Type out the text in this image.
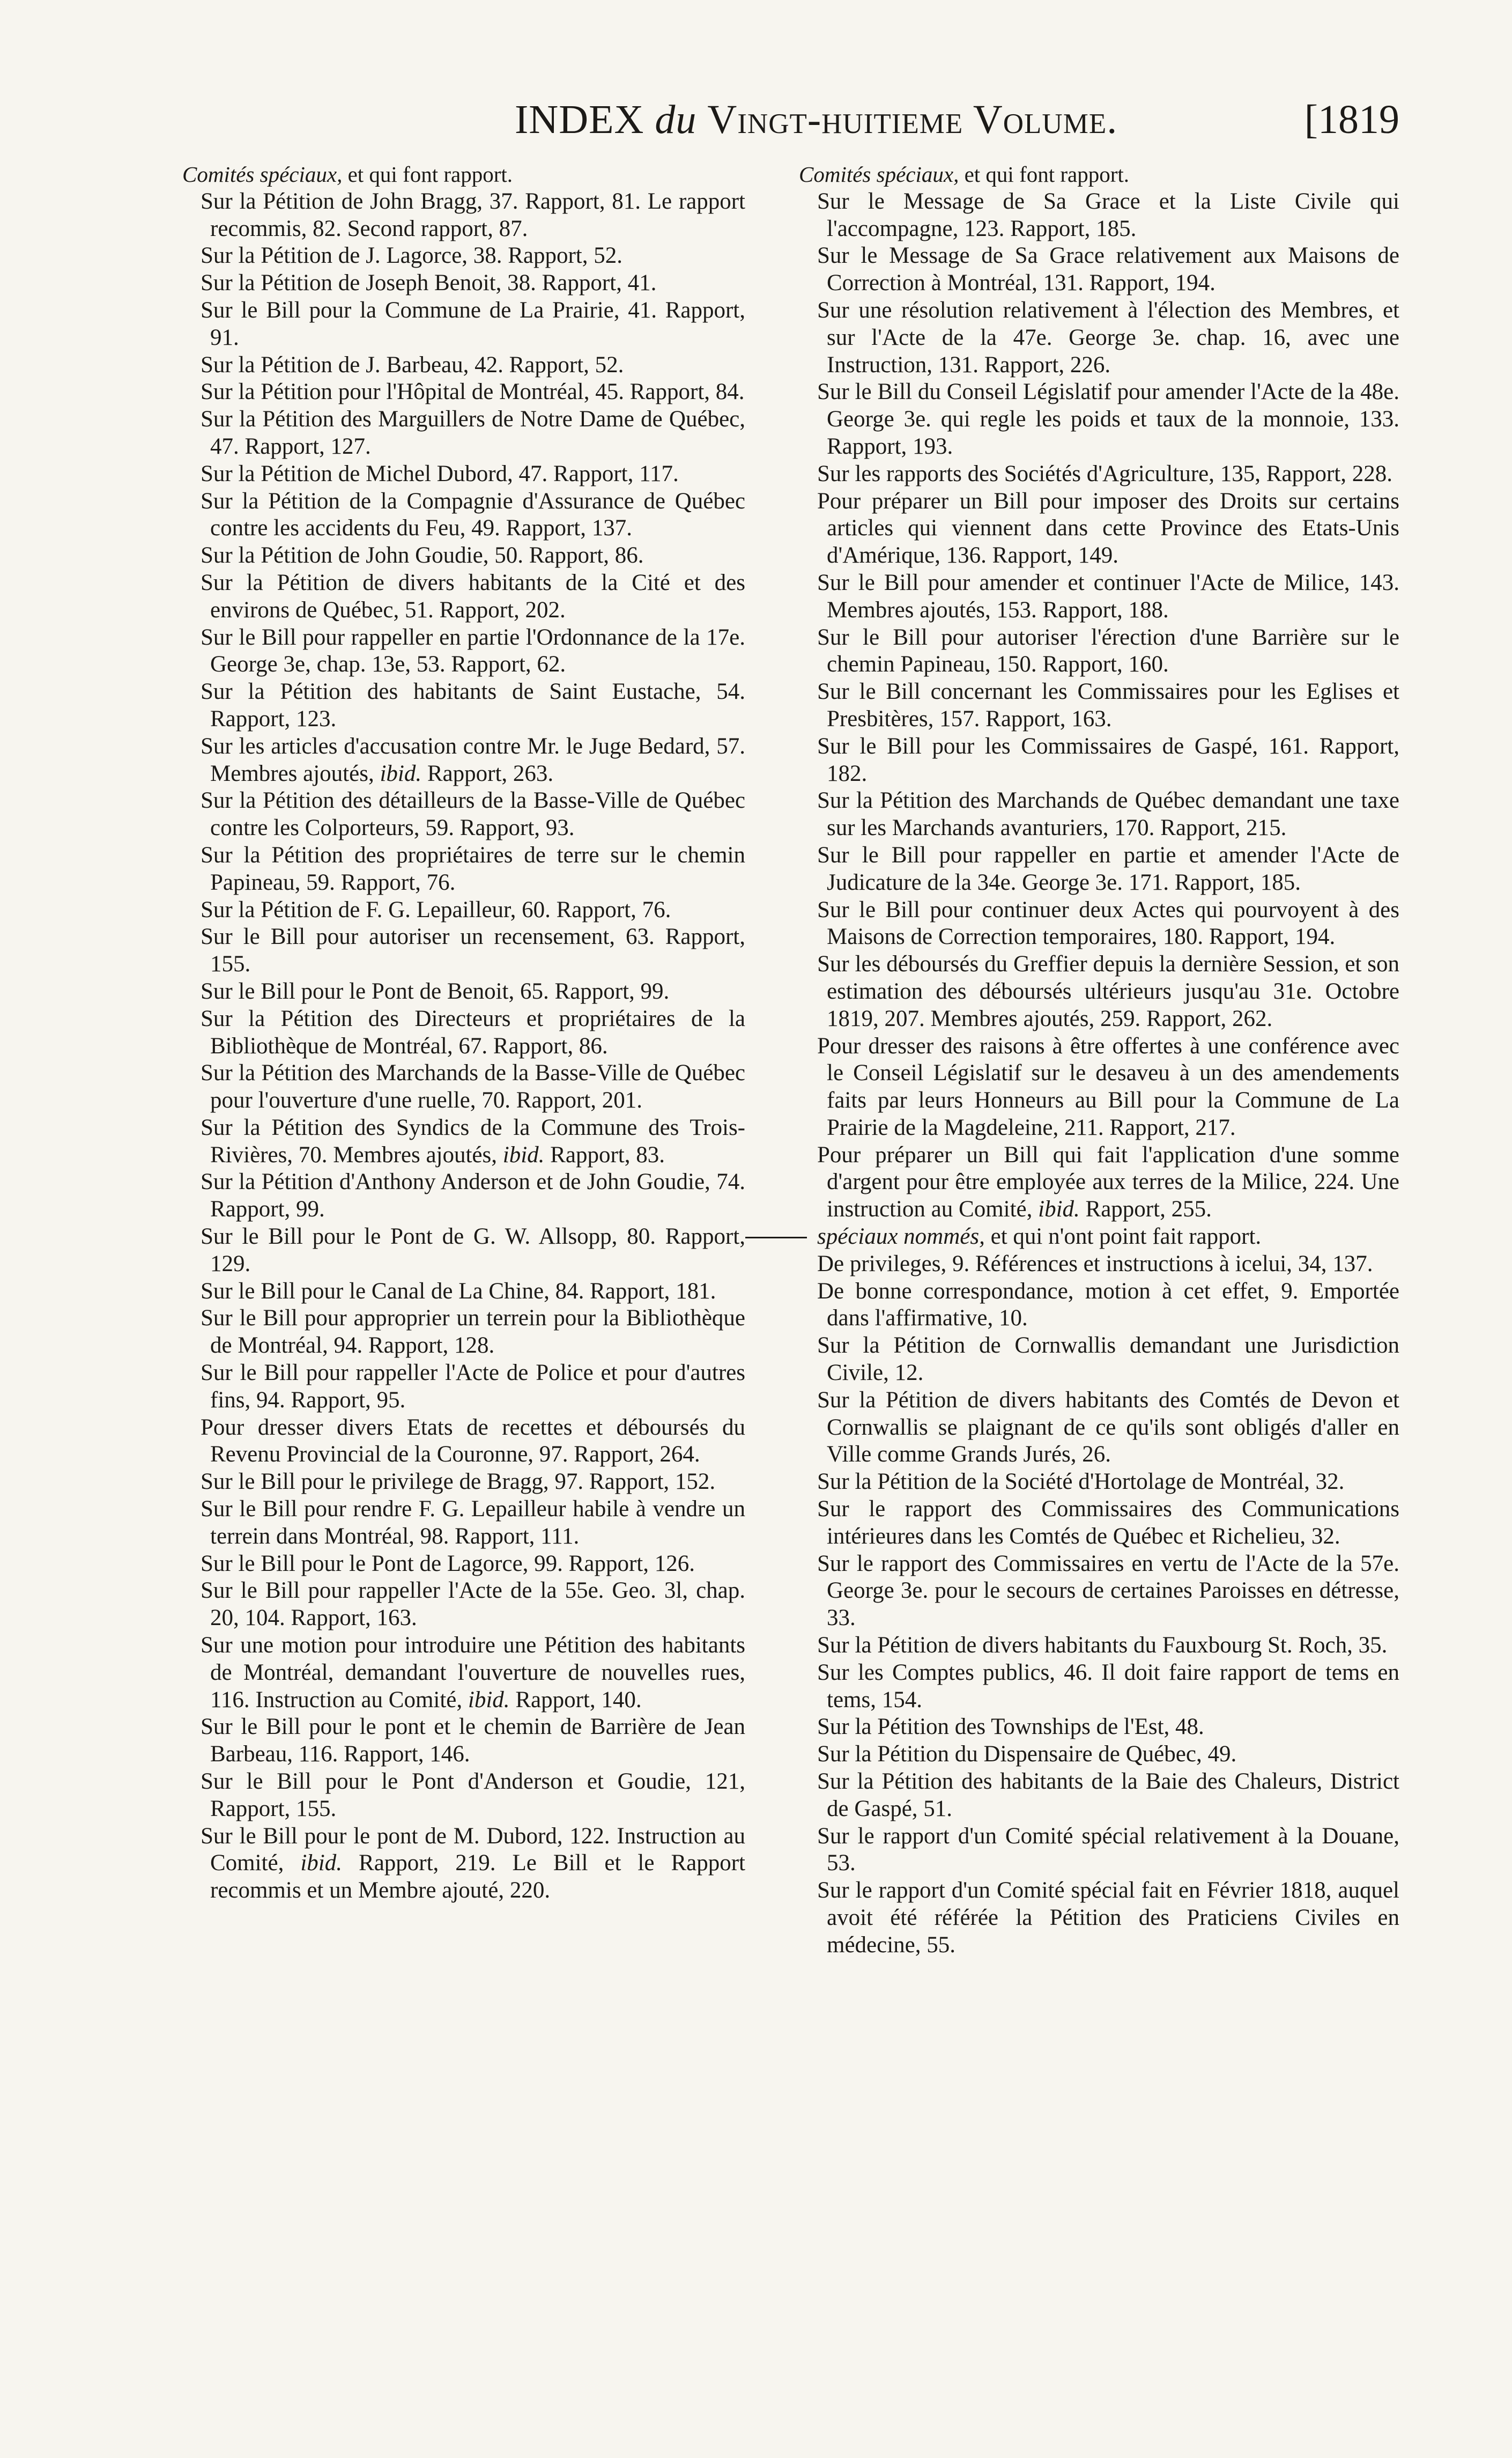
INDEX du Vingt-huitieme Volume.	[1819

Comités spéciaux, et qui font rapport.

Sur la Pétition de John Bragg, 37. Rapport, 81. Le rapport recommis, 82. Second rapport, 87.

Sur la Pétition de J. Lagorce, 38. Rapport, 52.

Sur la Pétition de Joseph Benoit, 38. Rapport, 41.

Sur le Bill pour la Commune de La Prairie, 41. Rapport, 91.

Sur la Pétition de J. Barbeau, 42. Rapport, 52.

Sur la Pétition pour l'Hôpital de Montréal, 45. Rapport, 84.

Sur la Pétition des Marguillers de Notre Dame de Québec, 47. Rapport, 127.

Sur la Pétition de Michel Dubord, 47. Rapport, 117.

Sur la Pétition de la Compagnie d'Assurance de Québec contre les accidents du Feu, 49. Rapport, 137.

Sur la Pétition de John Goudie, 50. Rapport, 86.

Sur la Pétition de divers habitants de la Cité et des environs de Québec, 51. Rapport, 202.

Sur le Bill pour rappeller en partie l'Ordonnance de la 17e. George 3e, chap. 13e, 53. Rapport, 62.

Sur la Pétition des habitants de Saint Eustache, 54. Rapport, 123.

Sur les articles d'accusation contre Mr. le Juge Bedard, 57. Membres ajoutés, ibid. Rapport, 263.

Sur la Pétition des détailleurs de la Basse-Ville de Québec contre les Colporteurs, 59. Rapport, 93.

Sur la Pétition des propriétaires de terre sur le chemin Papineau, 59. Rapport, 76.

Sur la Pétition de F. G. Lepailleur, 60. Rapport, 76.

Sur le Bill pour autoriser un recensement, 63. Rapport, 155.

Sur le Bill pour le Pont de Benoit, 65. Rapport, 99.

Sur la Pétition des Directeurs et propriétaires de la Bibliothèque de Montréal, 67. Rapport, 86.

Sur la Pétition des Marchands de la Basse-Ville de Québec pour l'ouverture d'une ruelle, 70. Rapport, 201.

Sur la Pétition des Syndics de la Commune des Trois-Rivières, 70. Membres ajoutés, ibid. Rapport, 83.

Sur la Pétition d'Anthony Anderson et de John Goudie, 74. Rapport, 99.

Sur le Bill pour le Pont de G. W. Allsopp, 80. Rapport, 129.

Sur le Bill pour le Canal de La Chine, 84. Rapport, 181.

Sur le Bill pour approprier un terrein pour la Bibliothèque de Montréal, 94. Rapport, 128.

Sur le Bill pour rappeller l'Acte de Police et pour d'autres fins, 94. Rapport, 95.

Pour dresser divers Etats de recettes et déboursés du Revenu Provincial de la Couronne, 97. Rapport, 264.

Sur le Bill pour le privilege de Bragg, 97. Rapport, 152.

Sur le Bill pour rendre F. G. Lepailleur habile à vendre un terrein dans Montréal, 98. Rapport, 111.

Sur le Bill pour le Pont de Lagorce, 99. Rapport, 126.

Sur le Bill pour rappeller l'Acte de la 55e. Geo. 3l, chap. 20, 104. Rapport, 163.

Sur une motion pour introduire une Pétition des habitants de Montréal, demandant l'ouverture de nouvelles rues, 116. Instruction au Comité, ibid. Rapport, 140.

Sur le Bill pour le pont et le chemin de Barrière de Jean Barbeau, 116. Rapport, 146.

Sur le Bill pour le Pont d'Anderson et Goudie, 121, Rapport, 155.

Sur le Bill pour le pont de M. Dubord, 122. Instruction au Comité, ibid. Rapport, 219. Le Bill et le Rapport recommis et un Membre ajouté, 220.

Comités spéciaux, et qui font rapport.

Sur le Message de Sa Grace et la Liste Civile qui l'accompagne, 123. Rapport, 185.

Sur le Message de Sa Grace relativement aux Maisons de Correction à Montréal, 131. Rapport, 194.

Sur une résolution relativement à l'élection des Membres, et sur l'Acte de la 47e. George 3e. chap. 16, avec une Instruction, 131. Rapport, 226.

Sur le Bill du Conseil Législatif pour amender l'Acte de la 48e. George 3e. qui regle les poids et taux de la monnoie, 133. Rapport, 193.

Sur les rapports des Sociétés d'Agriculture, 135, Rapport, 228.

Pour préparer un Bill pour imposer des Droits sur certains articles qui viennent dans cette Province des Etats-Unis d'Amérique, 136. Rapport, 149.

Sur le Bill pour amender et continuer l'Acte de Milice, 143. Membres ajoutés, 153. Rapport, 188.

Sur le Bill pour autoriser l'érection d'une Barrière sur le chemin Papineau, 150. Rapport, 160.

Sur le Bill concernant les Commissaires pour les Eglises et Presbitères, 157. Rapport, 163.

Sur le Bill pour les Commissaires de Gaspé, 161. Rapport, 182.

Sur la Pétition des Marchands de Québec demandant une taxe sur les Marchands avanturiers, 170. Rapport, 215.

Sur le Bill pour rappeller en partie et amender l'Acte de Judicature de la 34e. George 3e. 171. Rapport, 185.

Sur le Bill pour continuer deux Actes qui pourvoyent à des Maisons de Correction temporaires, 180. Rapport, 194.

Sur les déboursés du Greffier depuis la dernière Session, et son estimation des déboursés ultérieurs jusqu'au 31e. Octobre 1819, 207. Membres ajoutés, 259. Rapport, 262.

Pour dresser des raisons à être offertes à une conférence avec le Conseil Législatif sur le desaveu à un des amendements faits par leurs Honneurs au Bill pour la Commune de La Prairie de la Magdeleine, 211. Rapport, 217.

Pour préparer un Bill qui fait l'application d'une somme d'argent pour être employée aux terres de la Milice, 224. Une instruction au Comité, ibid. Rapport, 255.

spéciaux nommés, et qui n'ont point fait rapport.

De privileges, 9. Références et instructions à icelui, 34, 137.

De bonne correspondance, motion à cet effet, 9. Emportée dans l'affirmative, 10.

Sur la Pétition de Cornwallis demandant une Jurisdiction Civile, 12.

Sur la Pétition de divers habitants des Comtés de Devon et Cornwallis se plaignant de ce qu'ils sont obligés d'aller en Ville comme Grands Jurés, 26.

Sur la Pétition de la Société d'Hortolage de Montréal, 32.

Sur le rapport des Commissaires des Communications intérieures dans les Comtés de Québec et Richelieu, 32.

Sur le rapport des Commissaires en vertu de l'Acte de la 57e. George 3e. pour le secours de certaines Paroisses en détresse, 33.

Sur la Pétition de divers habitants du Fauxbourg St. Roch, 35.

Sur les Comptes publics, 46. Il doit faire rapport de tems en tems, 154.

Sur la Pétition des Townships de l'Est, 48.

Sur la Pétition du Dispensaire de Québec, 49.

Sur la Pétition des habitants de la Baie des Chaleurs, District de Gaspé, 51.

Sur le rapport d'un Comité spécial relativement à la Douane, 53.

Sur le rapport d'un Comité spécial fait en Février 1818, auquel avoit été référée la Pétition des Praticiens Civiles en médecine, 55.
